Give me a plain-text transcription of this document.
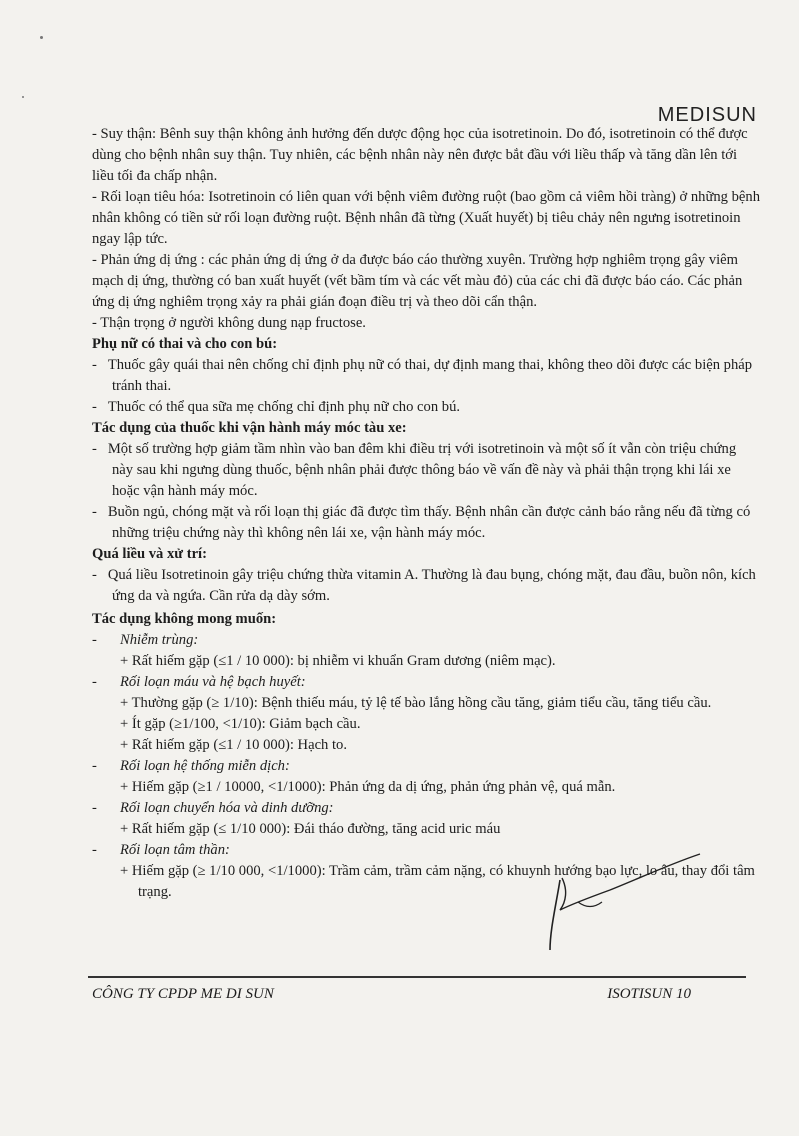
MEDISUN

- Suy thận: Bênh suy thận không ảnh hưởng đến dược động học của isotretinoin. Do đó, isotretinoin có thể được dùng cho bệnh nhân suy thận. Tuy nhiên, các bệnh nhân này nên được bắt đầu với liều thấp và tăng dần lên tới liều tối đa chấp nhận.

- Rối loạn tiêu hóa: Isotretinoin có liên quan với bệnh viêm đường ruột (bao gồm cả viêm hồi tràng) ở những bệnh nhân không có tiền sử rối loạn đường ruột. Bệnh nhân đã từng (Xuất huyết) bị tiêu chảy nên ngưng isotretinoin ngay lập tức.

- Phản ứng dị ứng : các phản ứng dị ứng ở da được báo cáo thường xuyên. Trường hợp nghiêm trọng gây viêm mạch dị ứng, thường có ban xuất huyết (vết bầm tím và các vết màu đỏ) của các chi đã được báo cáo. Các phản ứng dị ứng nghiêm trọng xảy ra phải gián đoạn điều trị và theo dõi cẩn thận.

- Thận trọng ở người không dung nạp fructose.

Phụ nữ có thai và cho con bú:

-   Thuốc gây quái thai nên chống chỉ định phụ nữ có thai, dự định mang thai, không theo dõi được các biện pháp tránh thai.

-   Thuốc có thể qua sữa mẹ chống chỉ định phụ nữ cho con bú.

Tác dụng của thuốc khi vận hành máy móc tàu xe:

-   Một số trường hợp giảm tầm nhìn vào ban đêm khi điều trị với isotretinoin và một số ít vẫn còn triệu chứng này sau khi ngưng dùng thuốc, bệnh nhân phải được thông báo về vấn đề này và phải thận trọng khi lái xe hoặc vận hành máy móc.

-   Buồn ngủ, chóng mặt và rối loạn thị giác đã được tìm thấy. Bệnh nhân cần được cảnh báo rằng nếu đã từng có những triệu chứng này thì không nên lái xe, vận hành máy móc.

Quá liều và xử trí:

-   Quá liều Isotretinoin gây triệu chứng thừa vitamin A. Thường là đau bụng, chóng mặt, đau đầu, buồn nôn, kích ứng da và ngứa. Cần rửa dạ dày sớm.

Tác dụng không mong muốn:

- Nhiễm trùng:

+ Rất hiếm gặp (≤1 / 10 000): bị nhiễm vi khuẩn Gram dương (niêm mạc).

- Rối loạn máu và hệ bạch huyết:

+ Thường gặp (≥ 1/10): Bệnh thiếu máu, tỷ lệ tế bào lắng hồng cầu tăng, giảm tiểu cầu, tăng tiểu cầu.

+ Ít gặp (≥1/100, <1/10): Giảm bạch cầu.

+ Rất hiếm gặp (≤1 / 10 000): Hạch to.

- Rối loạn hệ thống miễn dịch:

+ Hiếm gặp (≥1 / 10000, <1/1000): Phản ứng da dị ứng, phản ứng phản vệ, quá mẫn.

- Rối loạn chuyển hóa và dinh dưỡng:

+ Rất hiếm gặp (≤ 1/10 000): Đái tháo đường, tăng acid uric máu

- Rối loạn tâm thần:

+ Hiếm gặp (≥ 1/10 000, <1/1000): Trầm cảm, trầm cảm nặng, có khuynh hướng bạo lực, lo âu, thay đổi tâm trạng.

CÔNG TY CPDP ME DI SUN	ISOTISUN 10
